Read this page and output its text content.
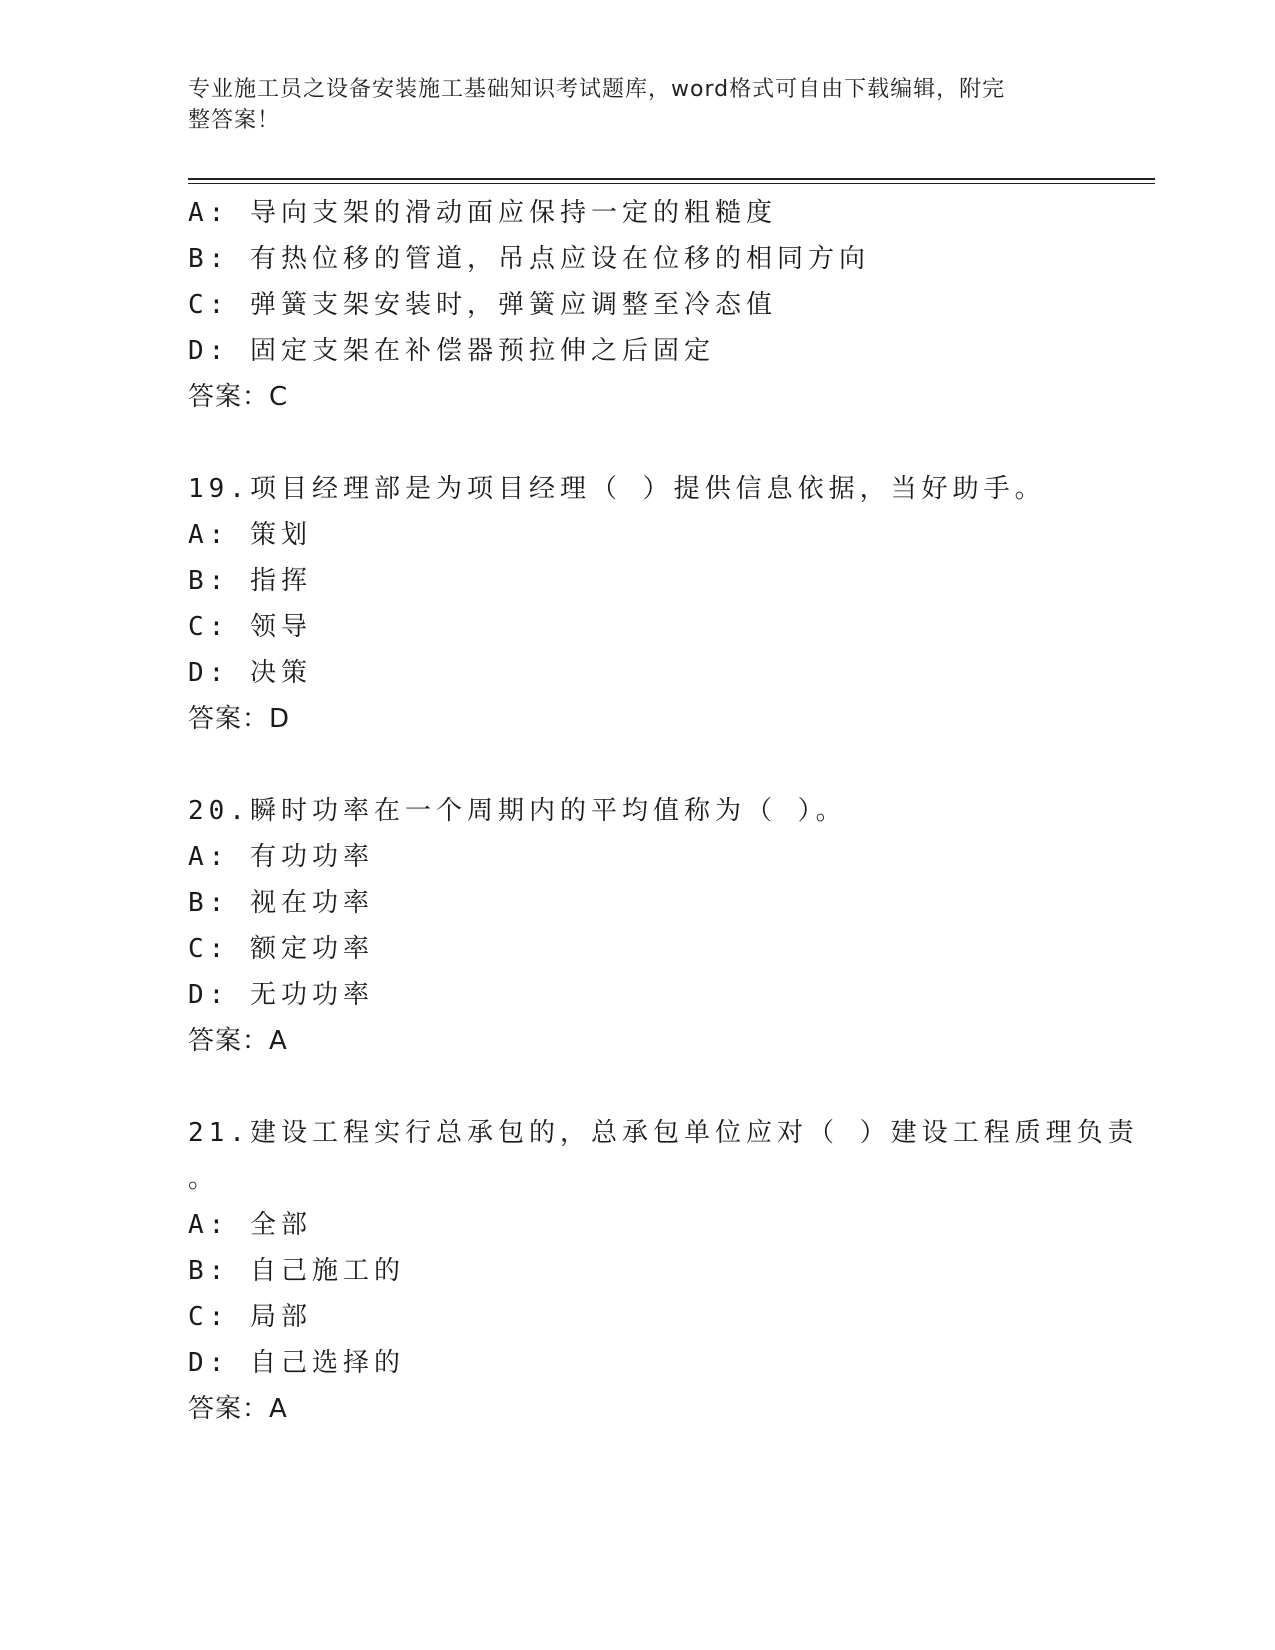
专业施工员之设备安装施工基础知识考试题库，word格式可自由下载编辑，附完
整答案！
A: 导向支架的滑动面应保持一定的粗糙度
B: 有热位移的管道，吊点应设在位移的相同方向
C: 弹簧支架安装时，弹簧应调整至冷态值
D: 固定支架在补偿器预拉伸之后固定
答案：C
19.项目经理部是为项目经理（ ）提供信息依据，当好助手。
A: 策划
B: 指挥
C: 领导
D: 决策
答案：D
20.瞬时功率在一个周期内的平均值称为（ ）。
A: 有功功率
B: 视在功率
C: 额定功率
D: 无功功率
答案：A
21.建设工程实行总承包的，总承包单位应对（ ）建设工程质理负责
。
A: 全部
B: 自己施工的
C: 局部
D: 自己选择的
答案：A
